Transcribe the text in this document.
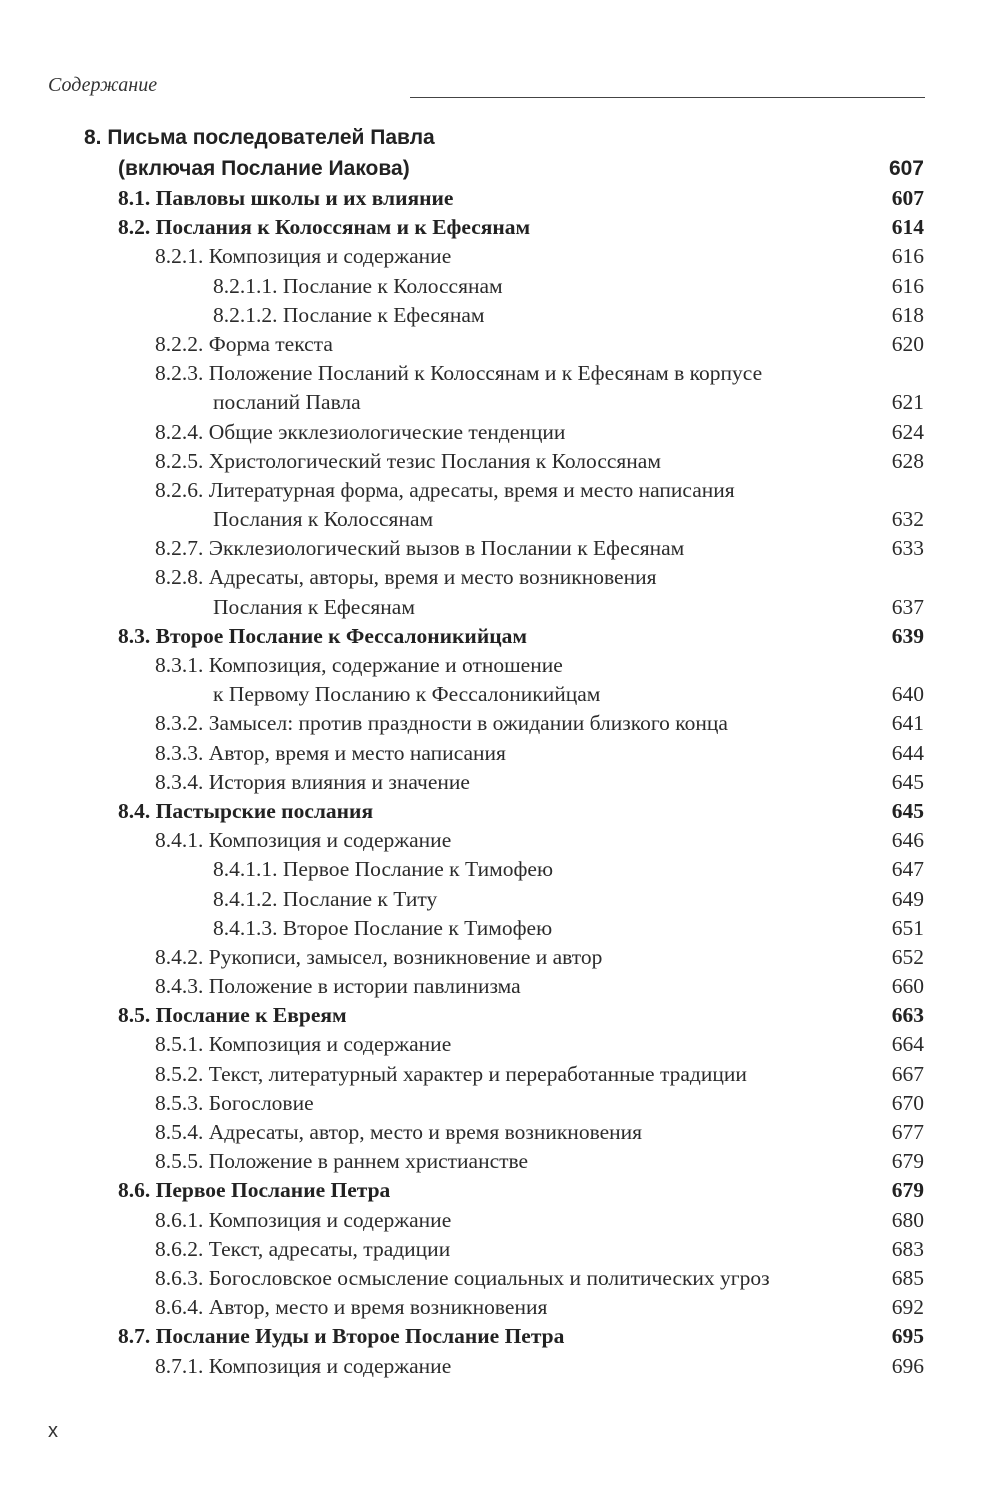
Содержание
8. Письма последователей Павла
(включая Послание Иакова)	607
8.1. Павловы школы и их влияние	607
8.2. Послания к Колоссянам и к Ефесянам	614
8.2.1. Композиция и содержание	616
8.2.1.1. Послание к Колоссянам	616
8.2.1.2. Послание к Ефесянам	618
8.2.2. Форма текста	620
8.2.3. Положение Посланий к Колоссянам и к Ефесянам в корпусе
посланий Павла	621
8.2.4. Общие экклезиологические тенденции	624
8.2.5. Христологический тезис Послания к Колоссянам	628
8.2.6. Литературная форма, адресаты, время и место написания
Послания к Колоссянам	632
8.2.7. Экклезиологический вызов в Послании к Ефесянам	633
8.2.8. Адресаты, авторы, время и место возникновения
Послания к Ефесянам	637
8.3. Второе Послание к Фессалоникийцам	639
8.3.1. Композиция, содержание и отношение
к Первому Посланию к Фессалоникийцам	640
8.3.2. Замысел: против праздности в ожидании близкого конца	641
8.3.3. Автор, время и место написания	644
8.3.4. История влияния и значение	645
8.4. Пастырские послания	645
8.4.1. Композиция и содержание	646
8.4.1.1. Первое Послание к Тимофею	647
8.4.1.2. Послание к Титу	649
8.4.1.3. Второе Послание к Тимофею	651
8.4.2. Рукописи, замысел, возникновение и автор	652
8.4.3. Положение в истории павлинизма	660
8.5. Послание к Евреям	663
8.5.1. Композиция и содержание	664
8.5.2. Текст, литературный характер и переработанные традиции	667
8.5.3. Богословие	670
8.5.4. Адресаты, автор, место и время возникновения	677
8.5.5. Положение в раннем христианстве	679
8.6. Первое Послание Петра	679
8.6.1. Композиция и содержание	680
8.6.2. Текст, адресаты, традиции	683
8.6.3. Богословское осмысление социальных и политических угроз	685
8.6.4. Автор, место и время возникновения	692
8.7. Послание Иуды и Второе Послание Петра	695
8.7.1. Композиция и содержание	696
x
